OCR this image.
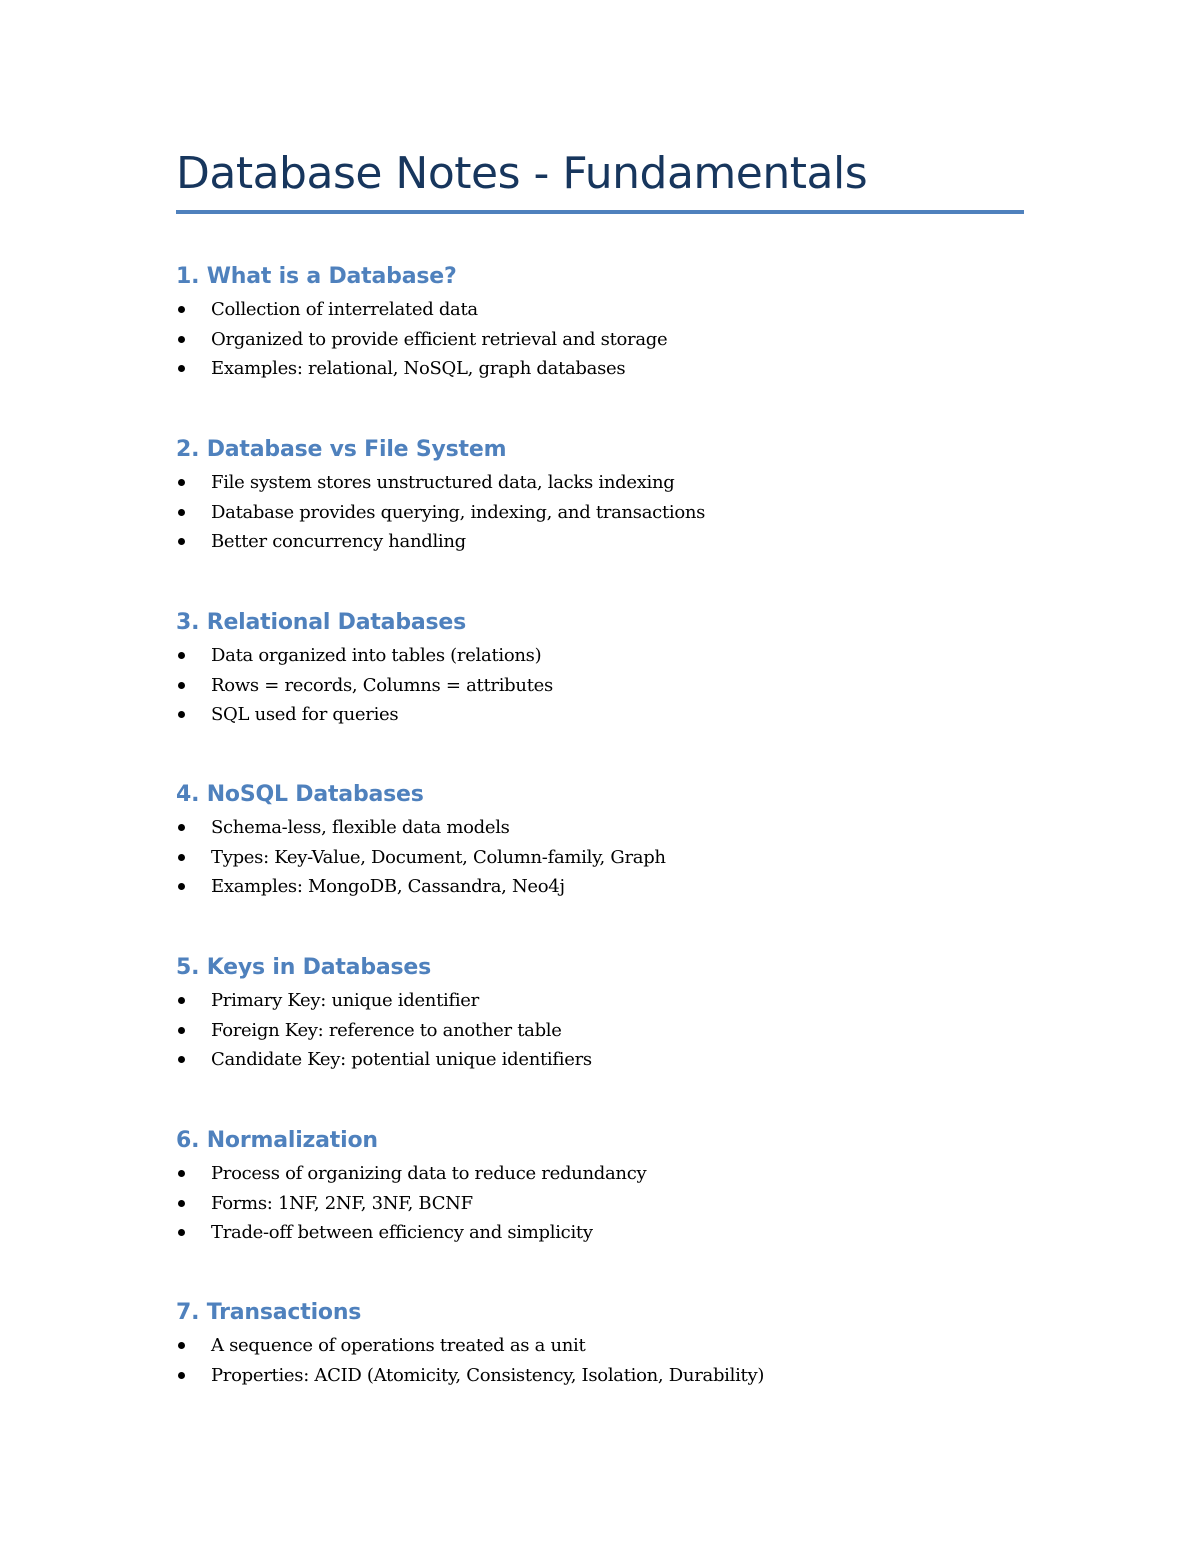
Database Notes - Fundamentals
1. What is a Database?
Collection of interrelated data
Organized to provide efficient retrieval and storage
Examples: relational, NoSQL, graph databases
2. Database vs File System
File system stores unstructured data, lacks indexing
Database provides querying, indexing, and transactions
Better concurrency handling
3. Relational Databases
Data organized into tables (relations)
Rows = records, Columns = attributes
SQL used for queries
4. NoSQL Databases
Schema-less, flexible data models
Types: Key-Value, Document, Column-family, Graph
Examples: MongoDB, Cassandra, Neo4j
5. Keys in Databases
Primary Key: unique identifier
Foreign Key: reference to another table
Candidate Key: potential unique identifiers
6. Normalization
Process of organizing data to reduce redundancy
Forms: 1NF, 2NF, 3NF, BCNF
Trade-off between efficiency and simplicity
7. Transactions
A sequence of operations treated as a unit
Properties: ACID (Atomicity, Consistency, Isolation, Durability)
